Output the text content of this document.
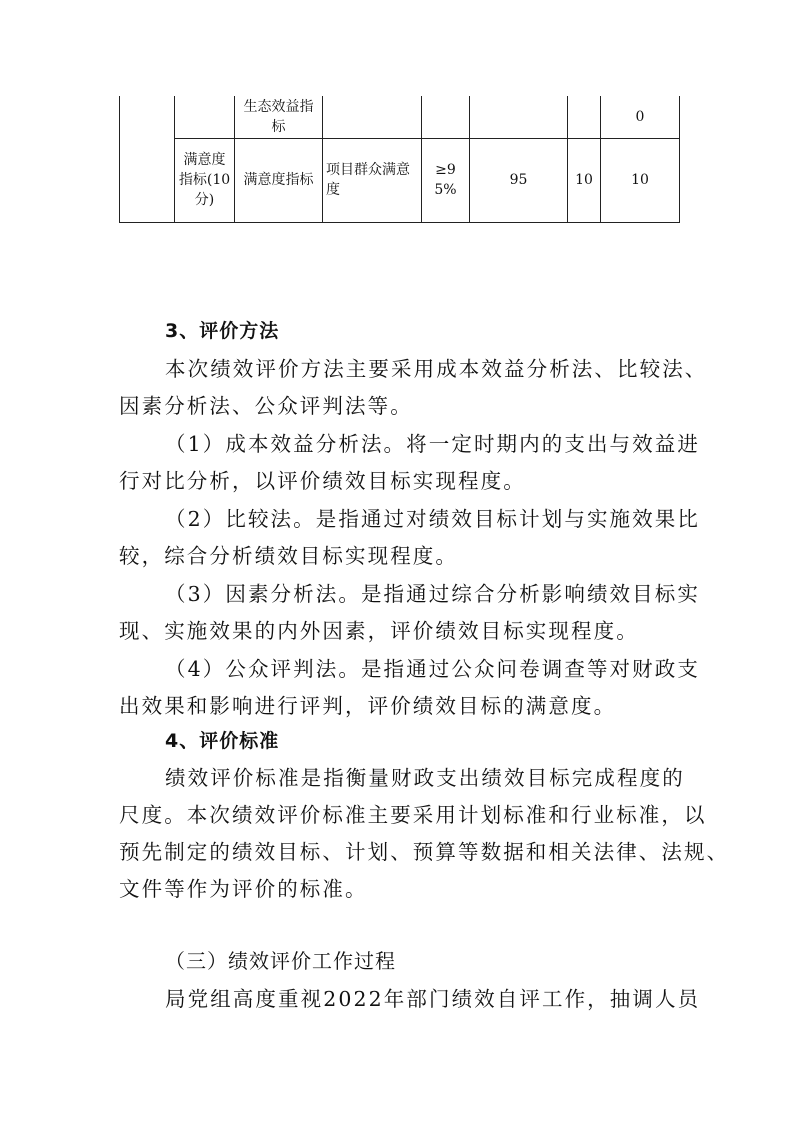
		生态效益指标					0
	满意度指标(10分)	满意度指标	项目群众满意度	≥95%	95	10	10
3、评价方法
本次绩效评价方法主要采用成本效益分析法、比较法、
因素分析法、公众评判法等。
（1）成本效益分析法。将一定时期内的支出与效益进
行对比分析，以评价绩效目标实现程度。
（2）比较法。是指通过对绩效目标计划与实施效果比
较，综合分析绩效目标实现程度。
（3）因素分析法。是指通过综合分析影响绩效目标实
现、实施效果的内外因素，评价绩效目标实现程度。
（4）公众评判法。是指通过公众问卷调查等对财政支
出效果和影响进行评判，评价绩效目标的满意度。
4、评价标准
绩效评价标准是指衡量财政支出绩效目标完成程度的
尺度。本次绩效评价标准主要采用计划标准和行业标准，以
预先制定的绩效目标、计划、预算等数据和相关法律、法规、
文件等作为评价的标准。
（三）绩效评价工作过程
局党组高度重视2022年部门绩效自评工作，抽调人员
